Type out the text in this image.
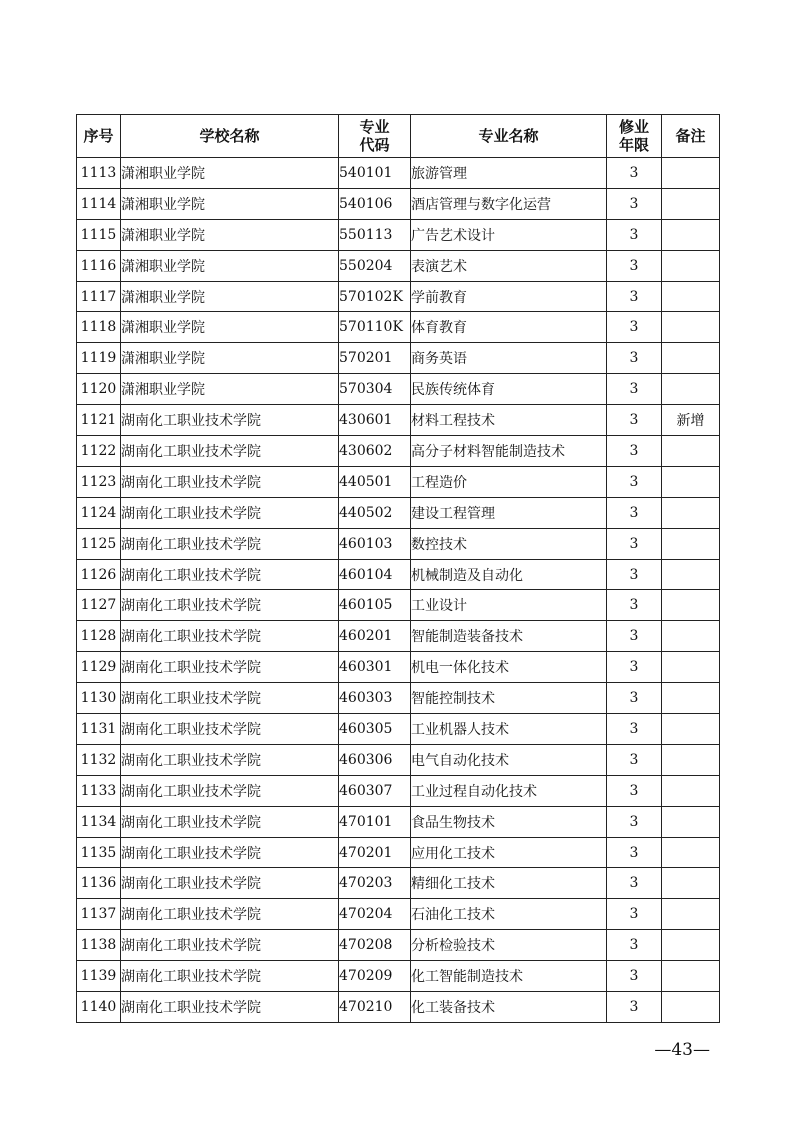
序号	学校名称	专业代码	专业名称	修业年限	备注
1113	潇湘职业学院	540101	旅游管理	3	
1114	潇湘职业学院	540106	酒店管理与数字化运营	3	
1115	潇湘职业学院	550113	广告艺术设计	3	
1116	潇湘职业学院	550204	表演艺术	3	
1117	潇湘职业学院	570102K	学前教育	3	
1118	潇湘职业学院	570110K	体育教育	3	
1119	潇湘职业学院	570201	商务英语	3	
1120	潇湘职业学院	570304	民族传统体育	3	
1121	湖南化工职业技术学院	430601	材料工程技术	3	新增
1122	湖南化工职业技术学院	430602	高分子材料智能制造技术	3	
1123	湖南化工职业技术学院	440501	工程造价	3	
1124	湖南化工职业技术学院	440502	建设工程管理	3	
1125	湖南化工职业技术学院	460103	数控技术	3	
1126	湖南化工职业技术学院	460104	机械制造及自动化	3	
1127	湖南化工职业技术学院	460105	工业设计	3	
1128	湖南化工职业技术学院	460201	智能制造装备技术	3	
1129	湖南化工职业技术学院	460301	机电一体化技术	3	
1130	湖南化工职业技术学院	460303	智能控制技术	3	
1131	湖南化工职业技术学院	460305	工业机器人技术	3	
1132	湖南化工职业技术学院	460306	电气自动化技术	3	
1133	湖南化工职业技术学院	460307	工业过程自动化技术	3	
1134	湖南化工职业技术学院	470101	食品生物技术	3	
1135	湖南化工职业技术学院	470201	应用化工技术	3	
1136	湖南化工职业技术学院	470203	精细化工技术	3	
1137	湖南化工职业技术学院	470204	石油化工技术	3	
1138	湖南化工职业技术学院	470208	分析检验技术	3	
1139	湖南化工职业技术学院	470209	化工智能制造技术	3	
1140	湖南化工职业技术学院	470210	化工装备技术	3	
—43—
